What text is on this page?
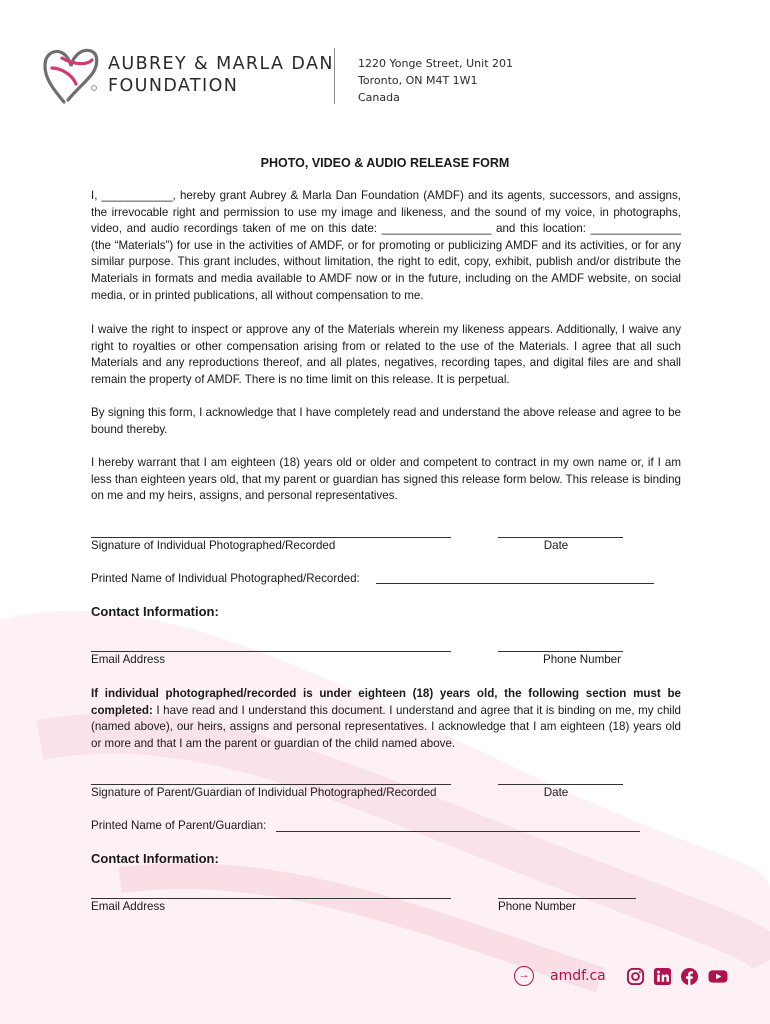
AUBREY & MARLA DAN
FOUNDATION
1220 Yonge Street, Unit 201
Toronto, ON M4T 1W1
Canada
PHOTO, VIDEO & AUDIO RELEASE FORM

I, ___________, hereby grant Aubrey & Marla Dan Foundation (AMDF) and its agents, successors, and assigns, the irrevocable right and permission to use my image and likeness, and the sound of my voice, in photographs, video, and audio recordings taken of me on this date: _________________ and this location: ______________ (the “Materials”) for use in the activities of AMDF, or for promoting or publicizing AMDF and its activities, or for any similar purpose. This grant includes, without limitation, the right to edit, copy, exhibit, publish and/or distribute the Materials in formats and media available to AMDF now or in the future, including on the AMDF website, on social media, or in printed publications, all without compensation to me.

I waive the right to inspect or approve any of the Materials wherein my likeness appears. Additionally, I waive any right to royalties or other compensation arising from or related to the use of the Materials. I agree that all such Materials and any reproductions thereof, and all plates, negatives, recording tapes, and digital files are and shall remain the property of AMDF. There is no time limit on this release. It is perpetual.

By signing this form, I acknowledge that I have completely read and understand the above release and agree to be bound thereby.

I hereby warrant that I am eighteen (18) years old or older and competent to contract in my own name or, if I am less than eighteen years old, that my parent or guardian has signed this release form below. This release is binding on me and my heirs, assigns, and personal representatives.

Signature of Individual Photographed/Recorded	Date
Printed Name of Individual Photographed/Recorded:
Contact Information:
Email Address	Phone Number

If individual photographed/recorded is under eighteen (18) years old, the following section must be completed: I have read and I understand this document. I understand and agree that it is binding on me, my child (named above), our heirs, assigns and personal representatives. I acknowledge that I am eighteen (18) years old or more and that I am the parent or guardian of the child named above.

Signature of Parent/Guardian of Individual Photographed/Recorded	Date
Printed Name of Parent/Guardian:
Contact Information:
Email Address	Phone Number
→	amdf.ca
